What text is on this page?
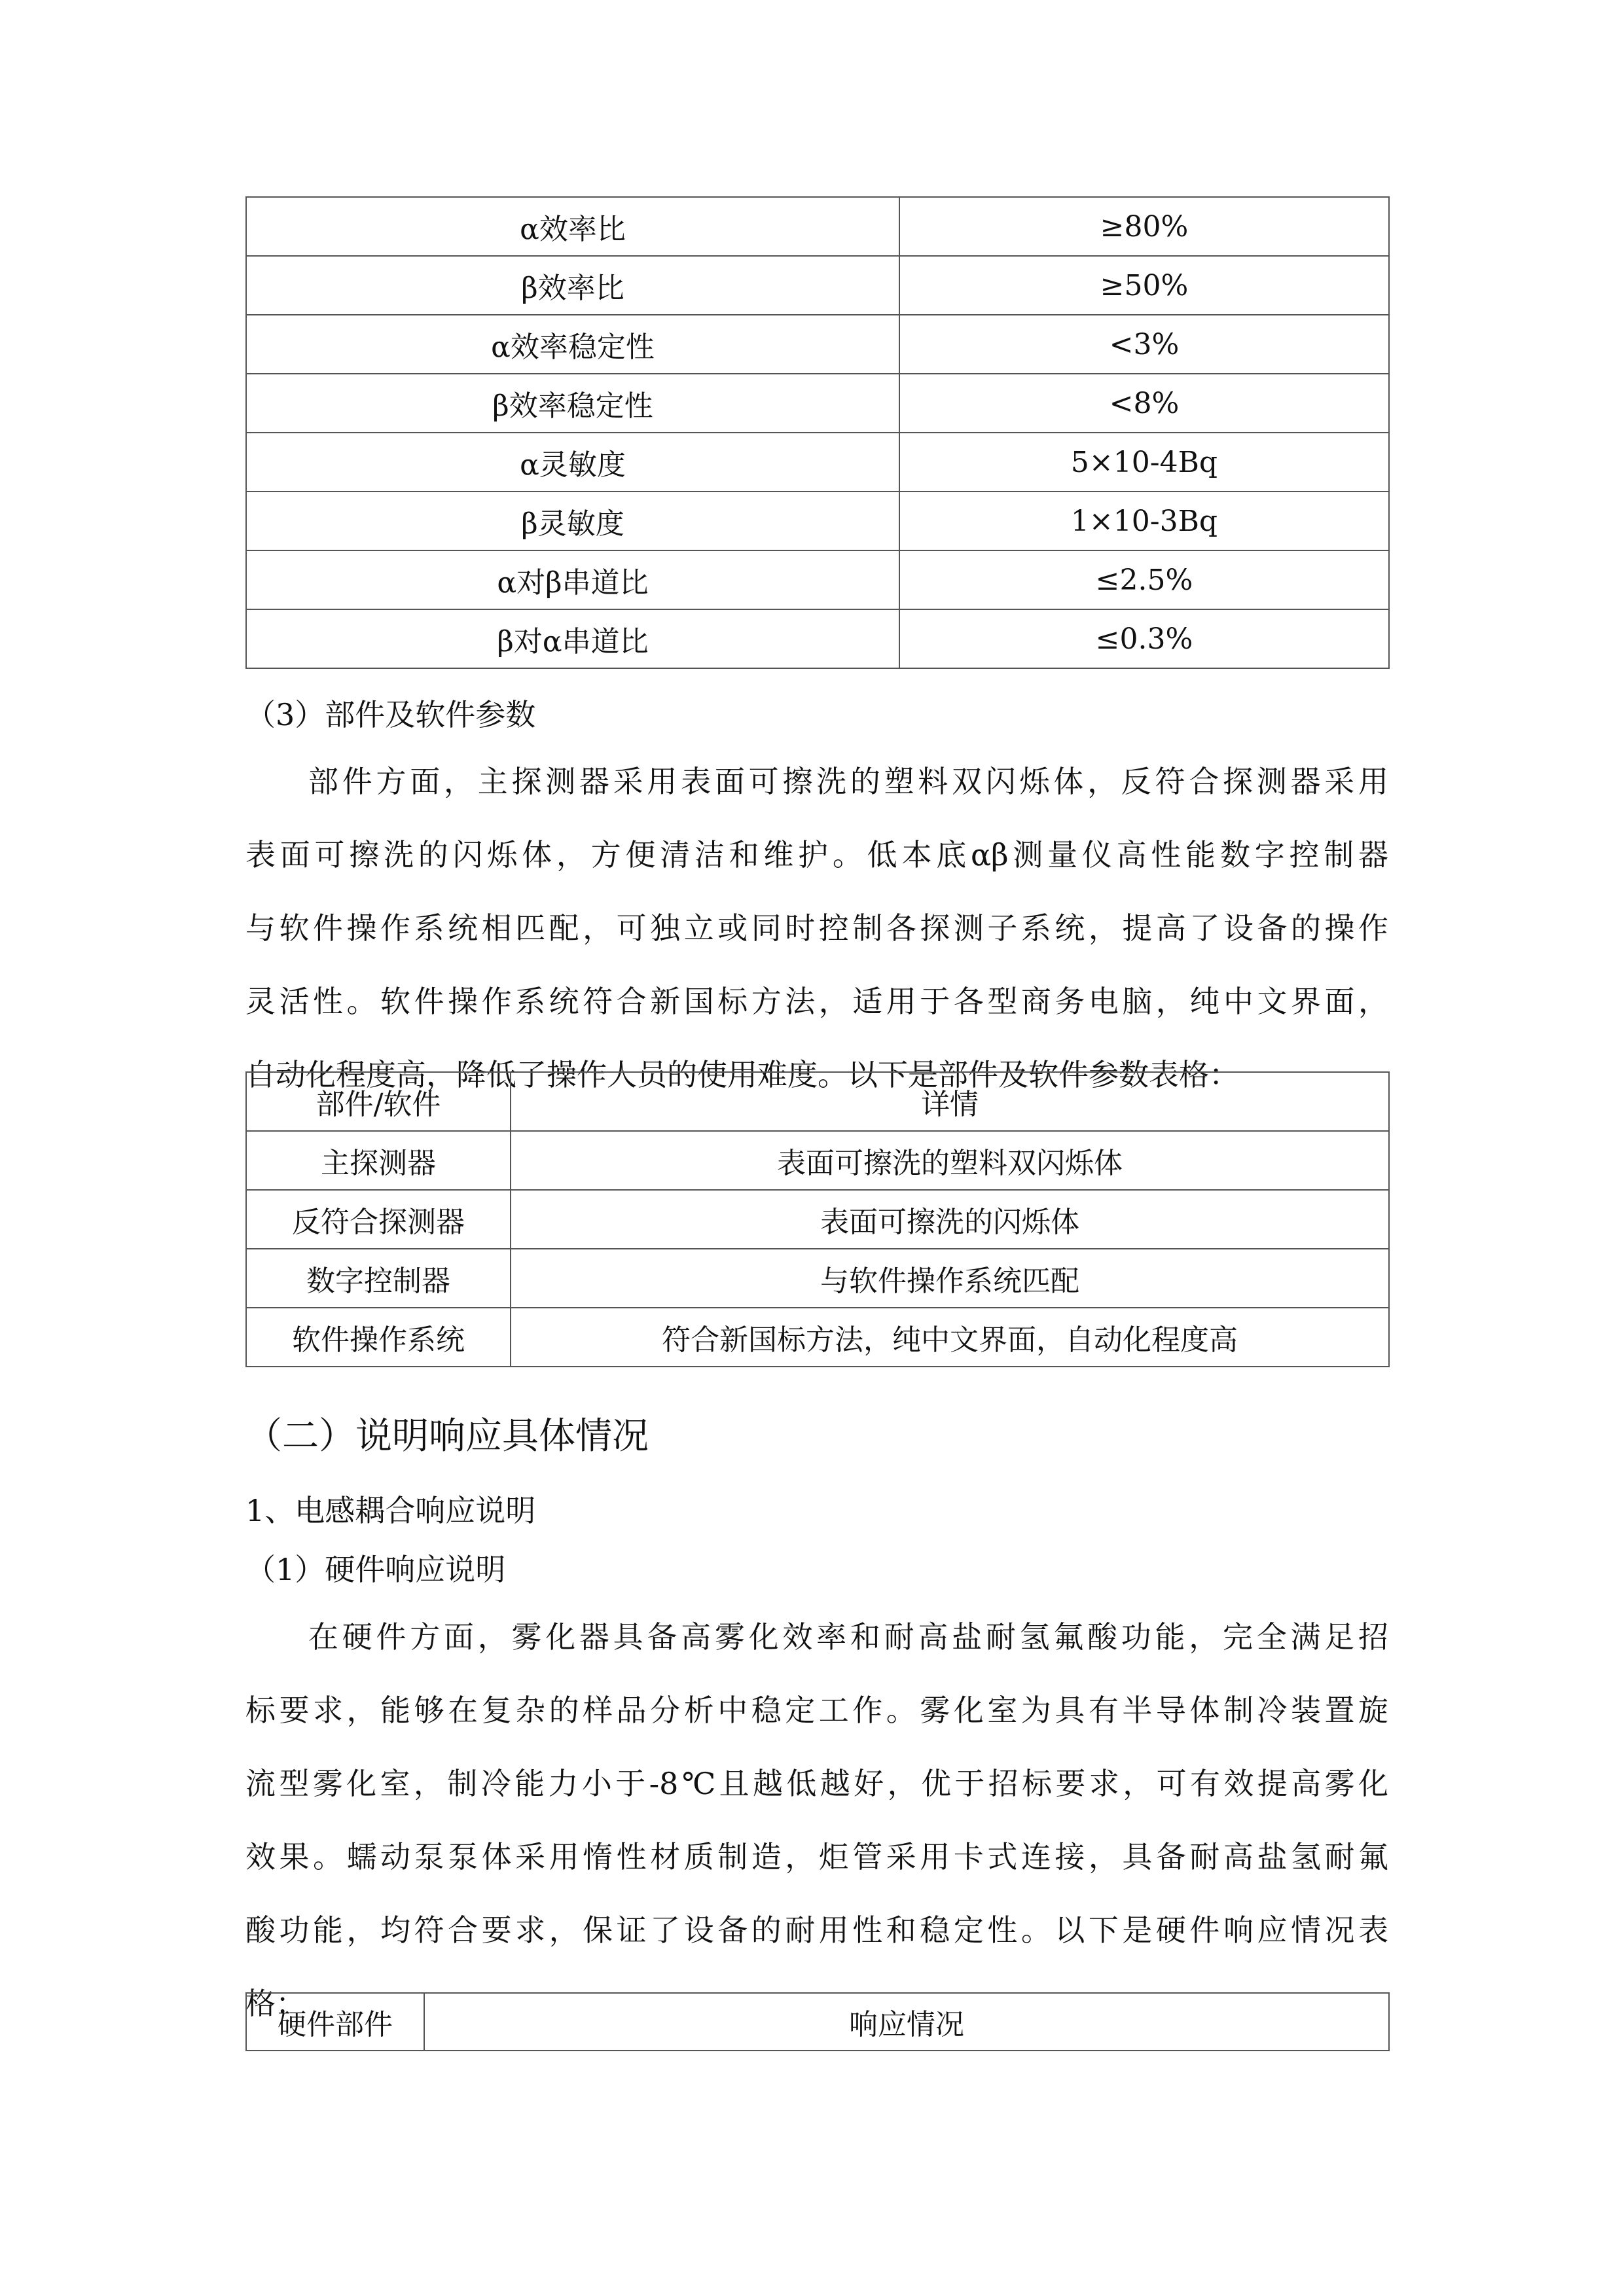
α效率比	≥80%
β效率比	≥50%
α效率稳定性	<3%
β效率稳定性	<8%
α灵敏度	5×10-4Bq
β灵敏度	1×10-3Bq
α对β串道比	≤2.5%
β对α串道比	≤0.3%
（3）部件及软件参数
部件方面，主探测器采用表面可擦洗的塑料双闪烁体，反符合探测器采用
表面可擦洗的闪烁体，方便清洁和维护。低本底αβ测量仪高性能数字控制器
与软件操作系统相匹配，可独立或同时控制各探测子系统，提高了设备的操作
灵活性。软件操作系统符合新国标方法，适用于各型商务电脑，纯中文界面，
自动化程度高，降低了操作人员的使用难度。以下是部件及软件参数表格：
部件/软件	详情
主探测器	表面可擦洗的塑料双闪烁体
反符合探测器	表面可擦洗的闪烁体
数字控制器	与软件操作系统匹配
软件操作系统	符合新国标方法，纯中文界面，自动化程度高
（二）说明响应具体情况
1、电感耦合响应说明
（1）硬件响应说明
在硬件方面，雾化器具备高雾化效率和耐高盐耐氢氟酸功能，完全满足招
标要求，能够在复杂的样品分析中稳定工作。雾化室为具有半导体制冷装置旋
流型雾化室，制冷能力小于-8℃且越低越好，优于招标要求，可有效提高雾化
效果。蠕动泵泵体采用惰性材质制造，炬管采用卡式连接，具备耐高盐氢耐氟
酸功能，均符合要求，保证了设备的耐用性和稳定性。以下是硬件响应情况表
格：
硬件部件	响应情况
